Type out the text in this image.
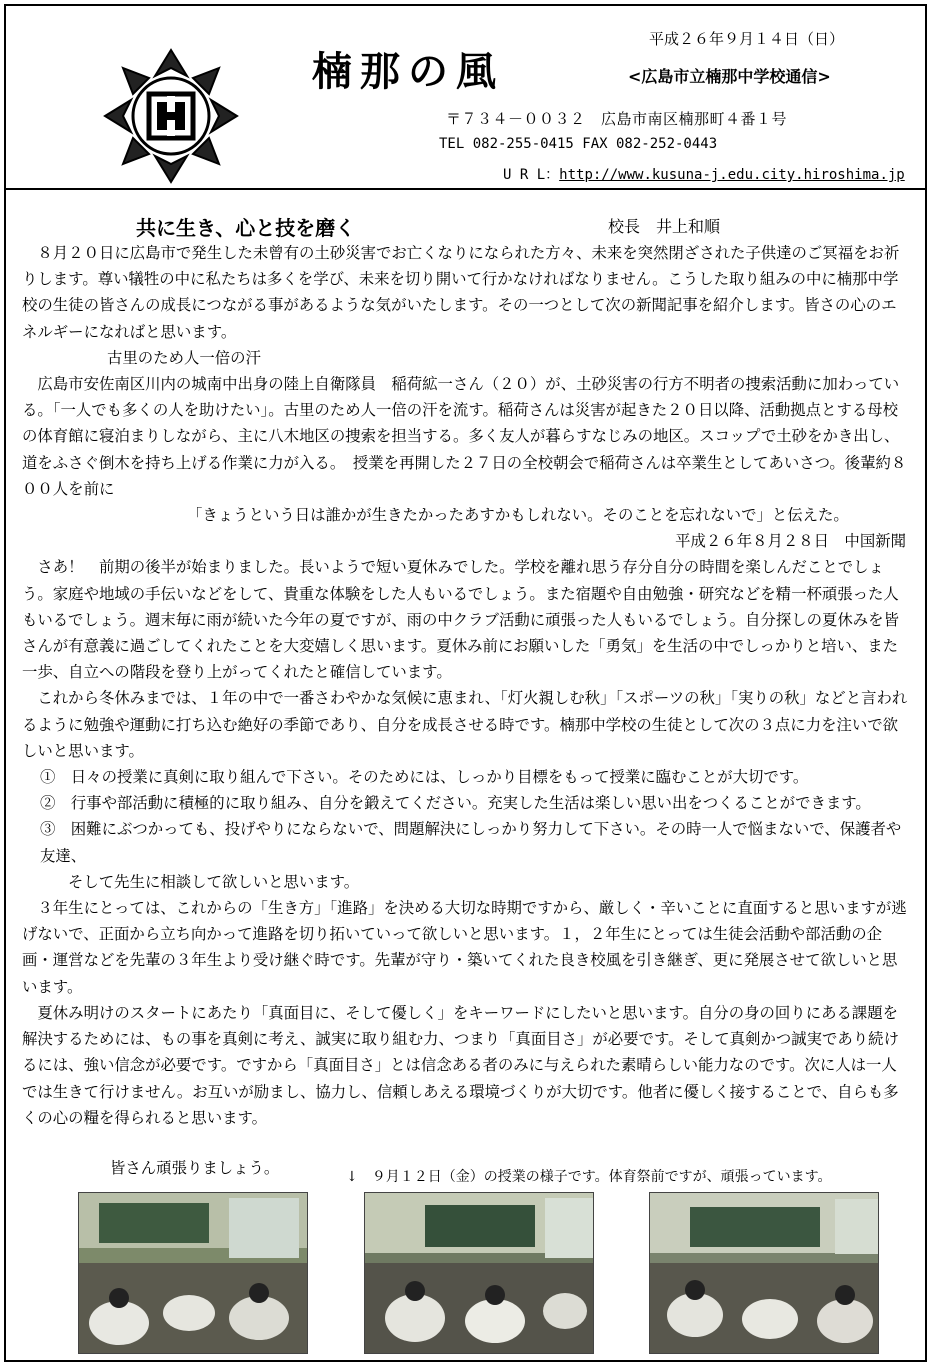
楠那の風
平成２６年９月１４日（日）
<広島市立楠那中学校通信>
〒７３４－００３２　広島市南区楠那町４番１号
TEL 082-255-0415 FAX 082-252-0443
U R L：http://www.kusuna-j.edu.city.hiroshima.jp
共に生き、心と技を磨く	校長　井上和順

８月２０日に広島市で発生した未曾有の土砂災害でお亡くなりになられた方々、未来を突然閉ざされた子供達のご冥福をお祈りします。尊い犠牲の中に私たちは多くを学び、未来を切り開いて行かなければなりません。こうした取り組みの中に楠那中学校の生徒の皆さんの成長につながる事があるような気がいたします。その一つとして次の新聞記事を紹介します。皆さの心のエネルギーになればと思います。

古里のため人一倍の汗

広島市安佐南区川内の城南中出身の陸上自衛隊員　稲荷絋一さん（２０）が、土砂災害の行方不明者の捜索活動に加わっている。「一人でも多くの人を助けたい」。古里のため人一倍の汗を流す。稲荷さんは災害が起きた２０日以降、活動拠点とする母校の体育館に寝泊まりしながら、主に八木地区の捜索を担当する。多く友人が暮らすなじみの地区。スコップで土砂をかき出し、道をふさぐ倒木を持ち上げる作業に力が入る。　授業を再開した２７日の全校朝会で稲荷さんは卒業生としてあいさつ。後輩約８００人を前に

「きょうという日は誰かが生きたかったあすかもしれない。そのことを忘れないで」と伝えた。

平成２６年８月２８日　中国新聞

さあ！　前期の後半が始まりました。長いようで短い夏休みでした。学校を離れ思う存分自分の時間を楽しんだことでしょう。家庭や地域の手伝いなどをして、貴重な体験をした人もいるでしょう。また宿題や自由勉強・研究などを精一杯頑張った人もいるでしょう。週末毎に雨が続いた今年の夏ですが、雨の中クラブ活動に頑張った人もいるでしょう。自分探しの夏休みを皆さんが有意義に過ごしてくれたことを大変嬉しく思います。夏休み前にお願いした「勇気」を生活の中でしっかりと培い、また一歩、自立への階段を登り上がってくれたと確信しています。

これから冬休みまでは、１年の中で一番さわやかな気候に恵まれ、「灯火親しむ秋」「スポーツの秋」「実りの秋」などと言われるように勉強や運動に打ち込む絶好の季節であり、自分を成長させる時です。楠那中学校の生徒として次の３点に力を注いで欲しいと思います。

①　日々の授業に真剣に取り組んで下さい。そのためには、しっかり目標をもって授業に臨むことが大切です。

②　行事や部活動に積極的に取り組み、自分を鍛えてください。充実した生活は楽しい思い出をつくることができます。

③　困難にぶつかっても、投げやりにならないで、問題解決にしっかり努力して下さい。その時一人で悩まないで、保護者や友達、

そして先生に相談して欲しいと思います。

３年生にとっては、これからの「生き方」「進路」を決める大切な時期ですから、厳しく・辛いことに直面すると思いますが逃げないで、正面から立ち向かって進路を切り拓いていって欲しいと思います。１，２年生にとっては生徒会活動や部活動の企画・運営などを先輩の３年生より受け継ぐ時です。先輩が守り・築いてくれた良き校風を引き継ぎ、更に発展させて欲しいと思います。

夏休み明けのスタートにあたり「真面目に、そして優しく」をキーワードにしたいと思います。自分の身の回りにある課題を解決するためには、もの事を真剣に考え、誠実に取り組む力、つまり「真面目さ」が必要です。そして真剣かつ誠実であり続けるには、強い信念が必要です。ですから「真面目さ」とは信念ある者のみに与えられた素晴らしい能力なのです。次に人は一人では生きて行けません。お互いが励まし、協力し、信頼しあえる環境づくりが大切です。他者に優しく接することで、自らも多くの心の糧を得られると思います。

皆さん頑張りましょう。	↓　９月１２日（金）の授業の様子です。体育祭前ですが、頑張っています。
